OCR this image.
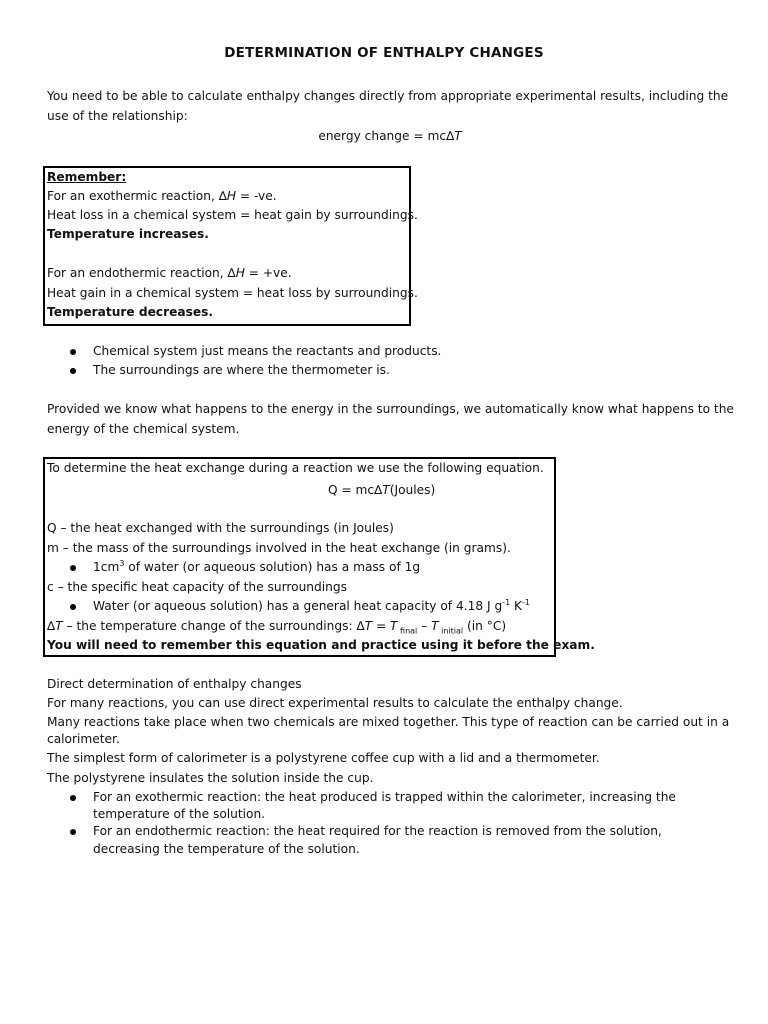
DETERMINATION OF ENTHALPY CHANGES
You need to be able to calculate enthalpy changes directly from appropriate experimental results, including the
use of the relationship:
energy change = mc∆T
Remember:
For an exothermic reaction, ∆H = -ve.
Heat loss in a chemical system = heat gain by surroundings.
Temperature increases.
For an endothermic reaction, ∆H = +ve.
Heat gain in a chemical system = heat loss by surroundings.
Temperature decreases.
Chemical system just means the reactants and products.
The surroundings are where the thermometer is.
Provided we know what happens to the energy in the surroundings, we automatically know what happens to the
energy of the chemical system.
To determine the heat exchange during a reaction we use the following equation.
Q = mc∆T(Joules)
Q – the heat exchanged with the surroundings (in Joules)
m – the mass of the surroundings involved in the heat exchange (in grams).
$1cm^3$ of water (or aqueous solution) has a mass of 1g
c – the specific heat capacity of the surroundings
Water (or aqueous solution) has a general heat capacity of 4.18 J $g^{-1}$ $K^{-1}$
∆T – the temperature change of the surroundings: ∆T = T $_{final}$ – T $_{initial}$ (in °C)
You will need to remember this equation and practice using it before the exam.
Direct determination of enthalpy changes
For many reactions, you can use direct experimental results to calculate the enthalpy change.
Many reactions take place when two chemicals are mixed together. This type of reaction can be carried out in a
calorimeter.
The simplest form of calorimeter is a polystyrene coffee cup with a lid and a thermometer.
The polystyrene insulates the solution inside the cup.
For an exothermic reaction: the heat produced is trapped within the calorimeter, increasing the
temperature of the solution.
For an endothermic reaction: the heat required for the reaction is removed from the solution,
decreasing the temperature of the solution.
